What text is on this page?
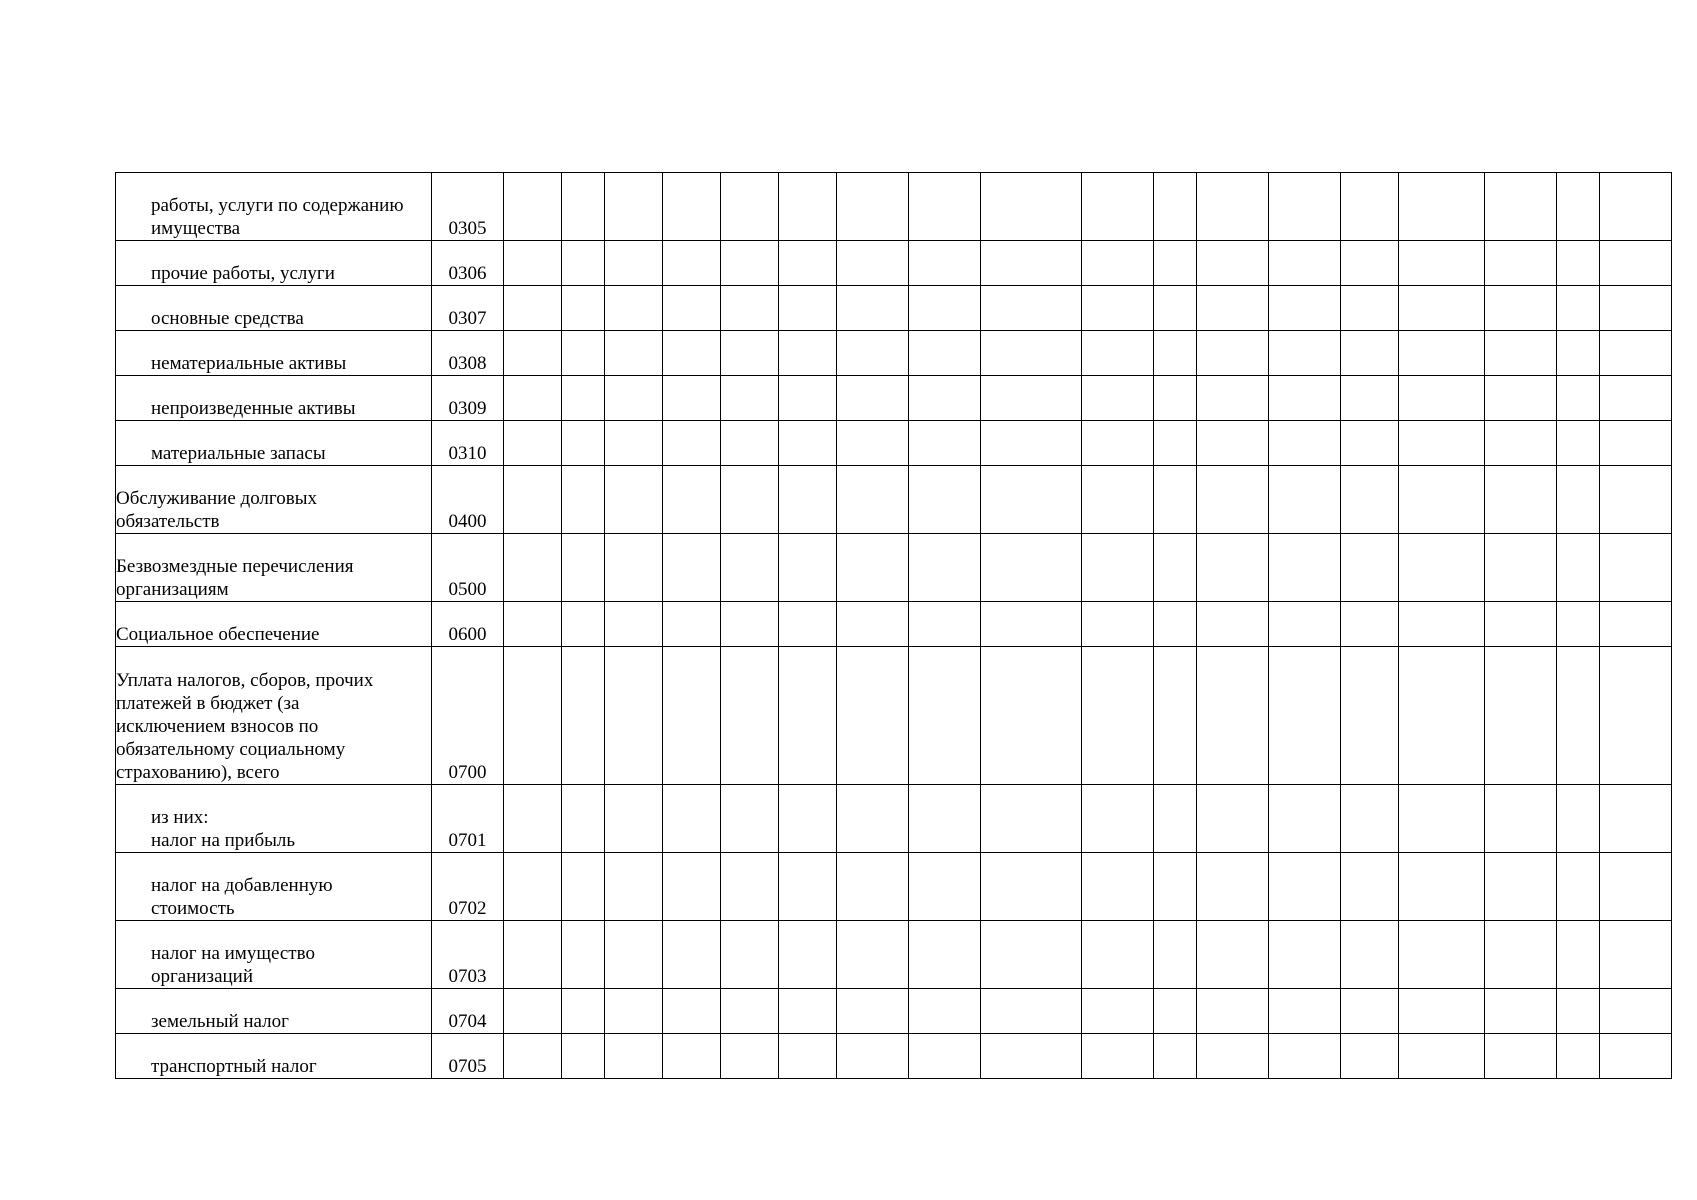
работы, услуги по содержанию
имущества	0305																		

прочие работы, услуги	0306																		

основные средства	0307																		

нематериальные активы	0308																		

непроизведенные активы	0309																		

материальные запасы	0310																		

Обслуживание долговых
обязательств	0400																		

Безвозмездные перечисления
организациям	0500																		

Социальное обеспечение	0600																		

Уплата налогов, сборов, прочих
платежей в бюджет (за
исключением взносов по
обязательному социальному
страхованию), всего	0700																		

из них:
налог на прибыль	0701																		

налог на добавленную
стоимость	0702																		

налог на имущество
организаций	0703																		

земельный налог	0704																		

транспортный налог	0705																		
